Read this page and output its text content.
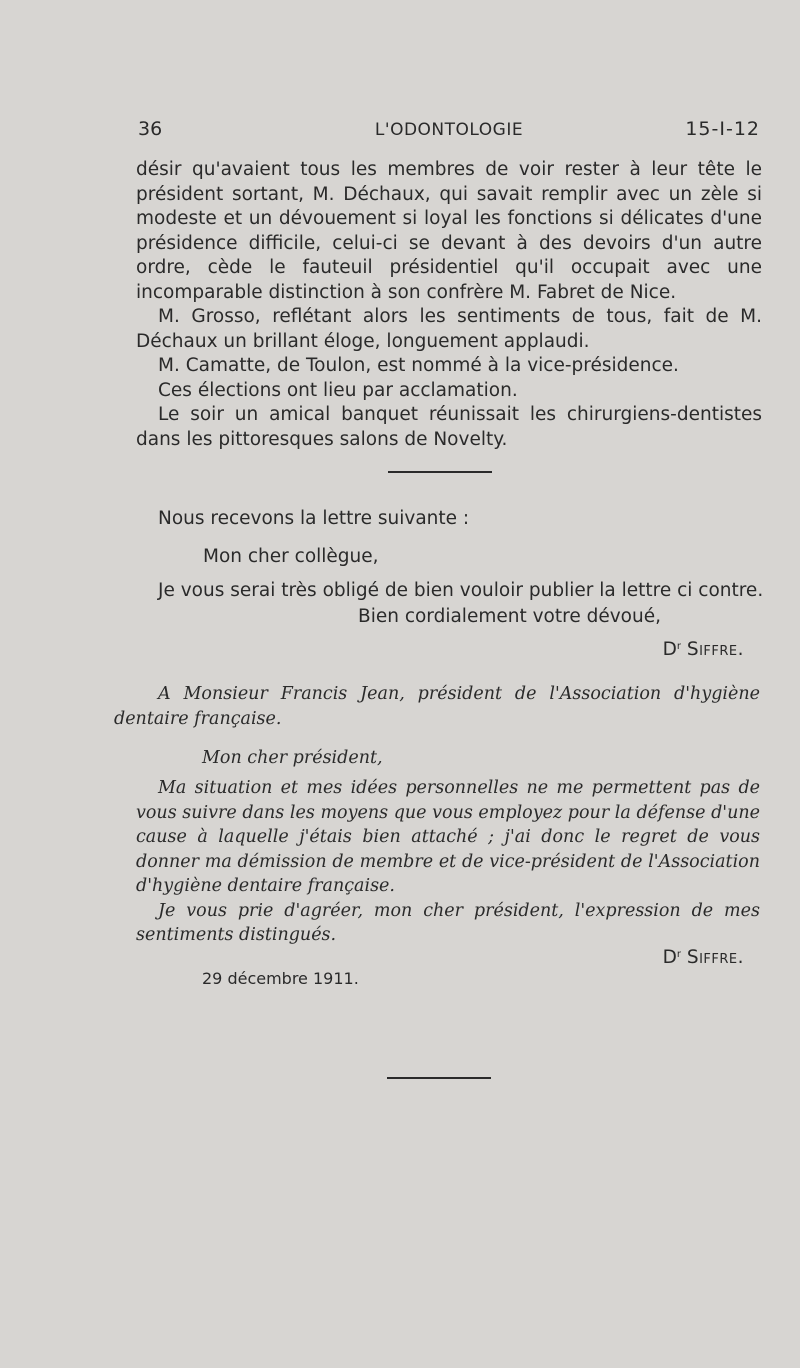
36	L'ODONTOLOGIE	15-I-12

désir qu'avaient tous les membres de voir rester à leur tête le président sortant, M. Déchaux, qui savait remplir avec un zèle si modeste et un dévouement si loyal les fonctions si délicates d'une présidence difficile, celui-ci se devant à des devoirs d'un autre ordre, cède le fauteuil présidentiel qu'il occupait avec une incomparable distinction à son confrère M. Fabret de Nice.

M. Grosso, reflétant alors les sentiments de tous, fait de M. Déchaux un brillant éloge, longuement applaudi.

M. Camatte, de Toulon, est nommé à la vice-présidence.

Ces élections ont lieu par acclamation.

Le soir un amical banquet réunissait les chirurgiens-dentistes dans les pittoresques salons de Novelty.

Nous recevons la lettre suivante :
Mon cher collègue,
Je vous serai très obligé de bien vouloir publier la lettre ci contre.
Bien cordialement votre dévoué,
$D^r$ Siffre.

A Monsieur Francis Jean, président de l'Association d'hygiène dentaire française.

Mon cher président,

Ma situation et mes idées personnelles ne me permettent pas de vous suivre dans les moyens que vous employez pour la défense d'une cause à laquelle j'étais bien attaché ; j'ai donc le regret de vous donner ma démission de membre et de vice-président de l'Association d'hygiène dentaire française.

Je vous prie d'agréer, mon cher président, l'expression de mes sentiments distingués.

$D^r$ Siffre.
29 décembre 1911.
